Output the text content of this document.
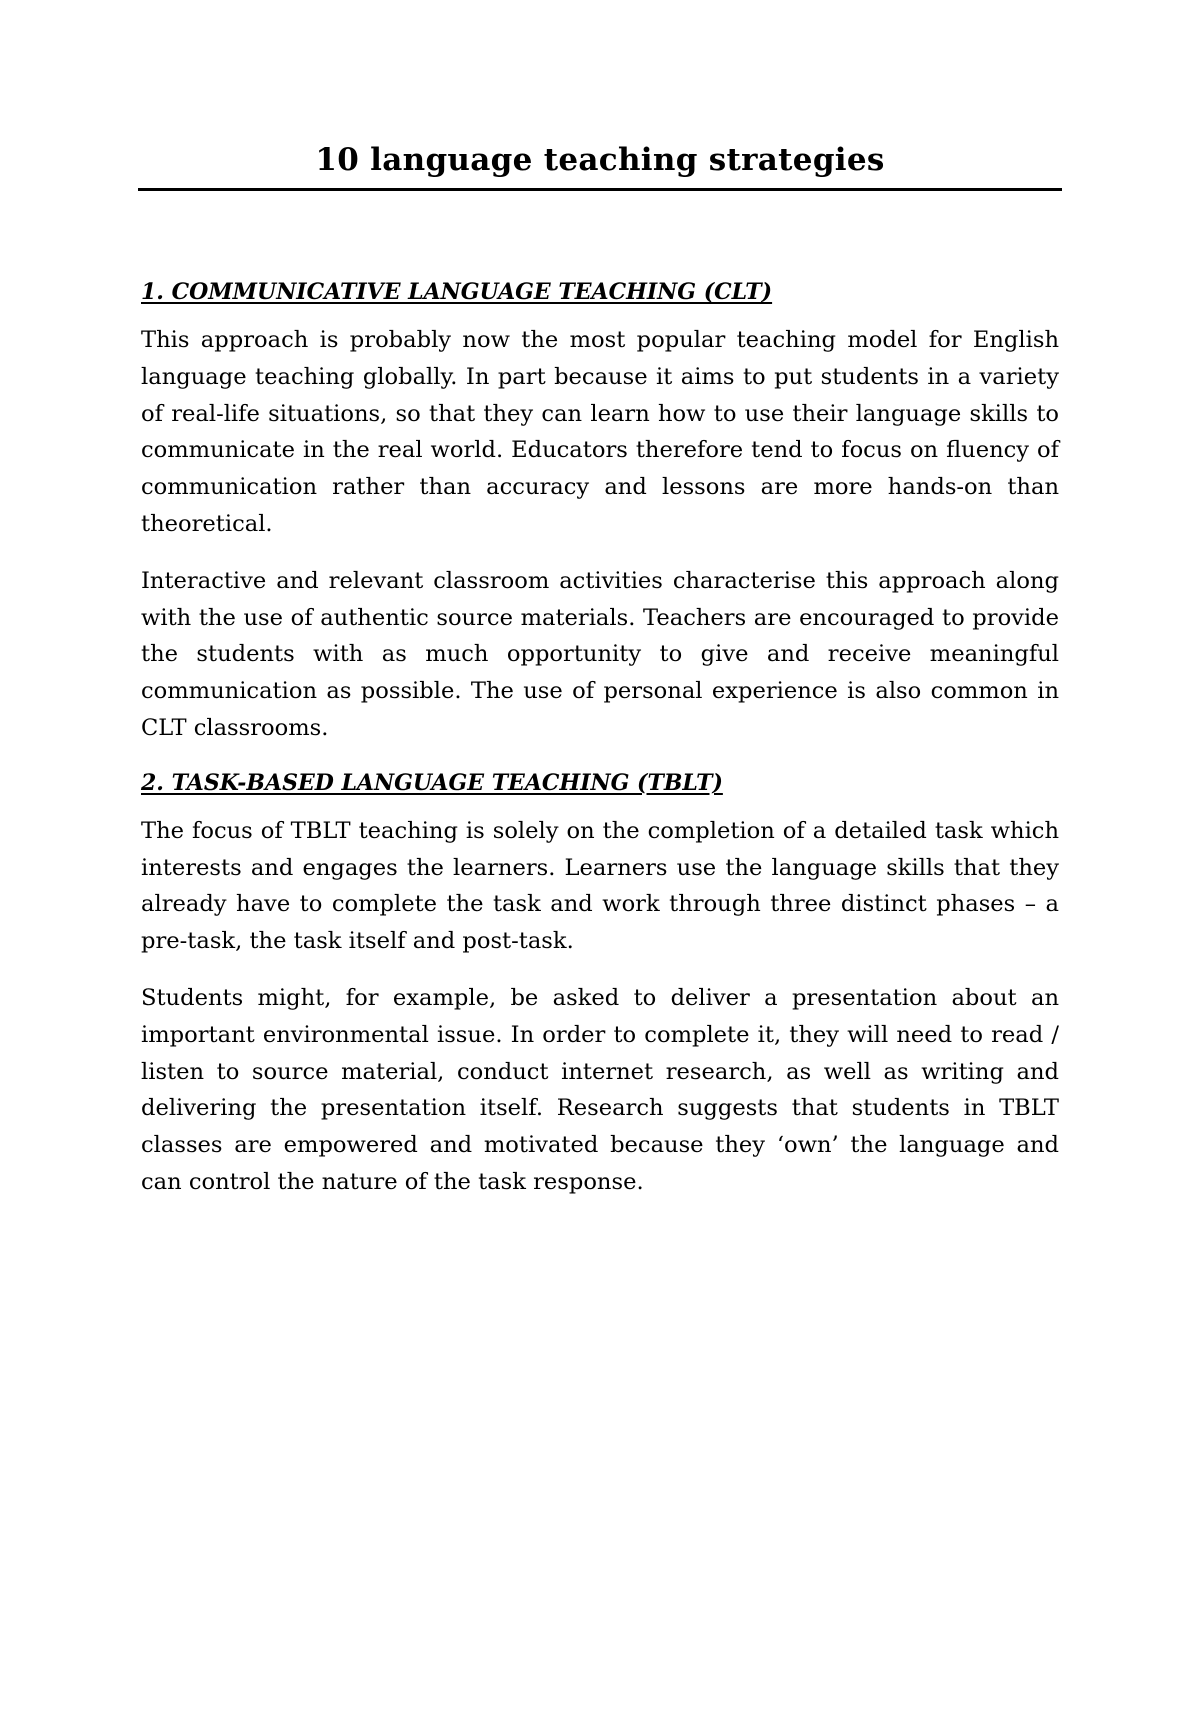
10 language teaching strategies
1. COMMUNICATIVE LANGUAGE TEACHING (CLT)

This approach is probably now the most popular teaching model for English language teaching globally. In part because it aims to put students in a variety of real-life situations, so that they can learn how to use their language skills to communicate in the real world. Educators therefore tend to focus on fluency of communication rather than accuracy and lessons are more hands-on than theoretical.

Interactive and relevant classroom activities characterise this approach along with the use of authentic source materials. Teachers are encouraged to provide the students with as much opportunity to give and receive meaningful communication as possible. The use of personal experience is also common in CLT classrooms.

2. TASK-BASED LANGUAGE TEACHING (TBLT)

The focus of TBLT teaching is solely on the completion of a detailed task which interests and engages the learners. Learners use the language skills that they already have to complete the task and work through three distinct phases – a pre-task, the task itself and post-task.

Students might, for example, be asked to deliver a presentation about an important environmental issue. In order to complete it, they will need to read / listen to source material, conduct internet research, as well as writing and delivering the presentation itself. Research suggests that students in TBLT classes are empowered and motivated because they ‘own’ the language and can control the nature of the task response.
